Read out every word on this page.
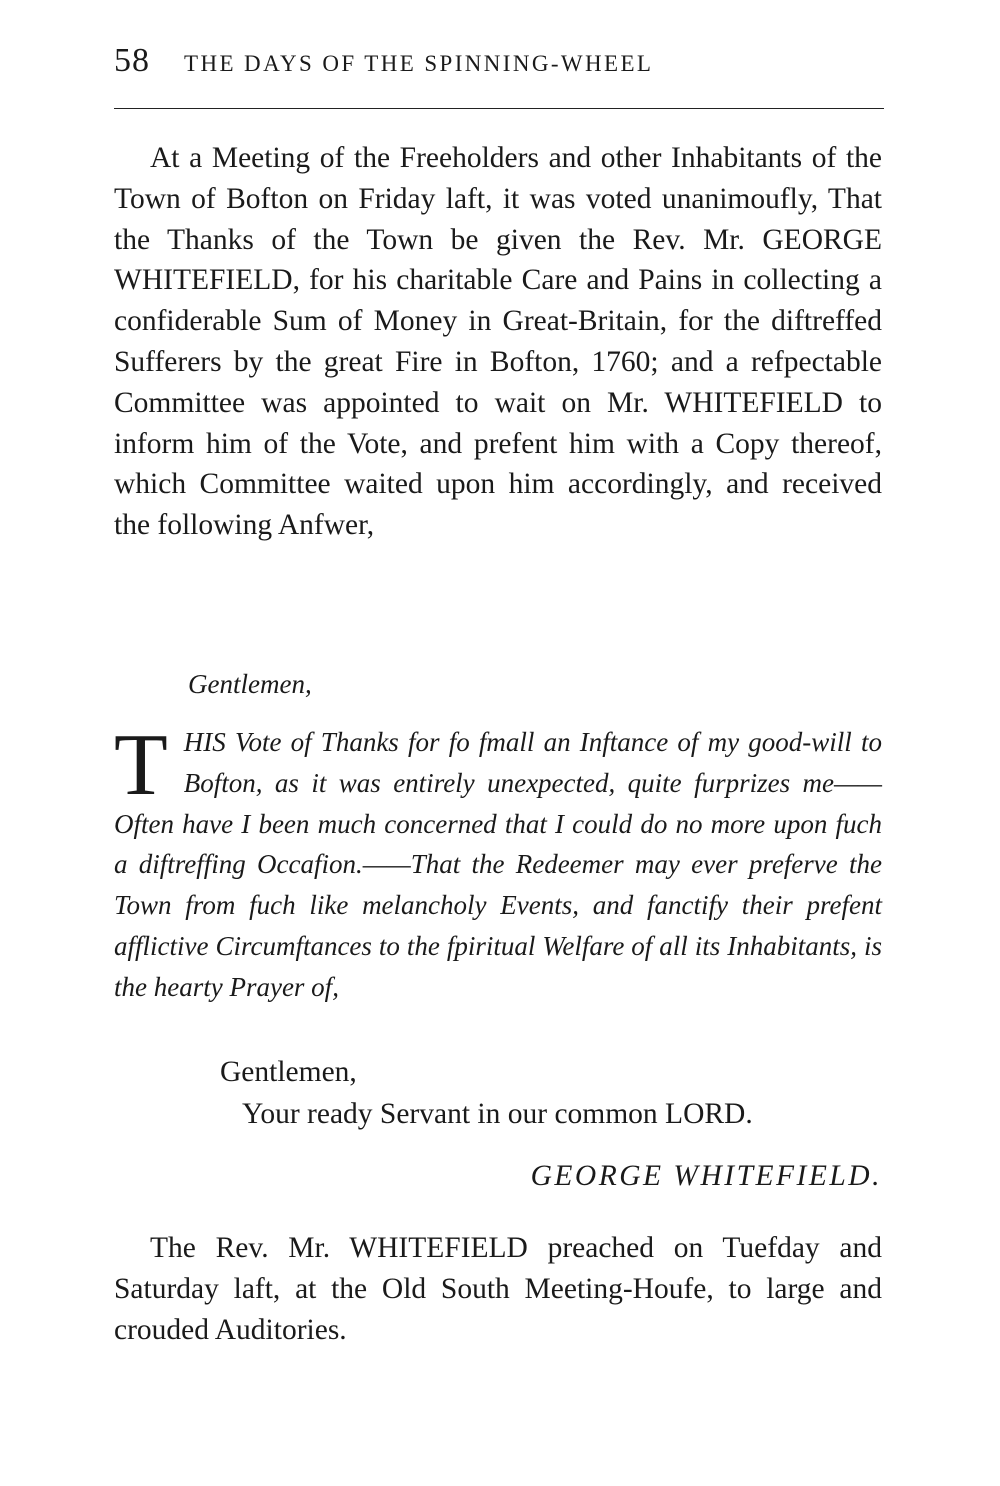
58 THE DAYS OF THE SPINNING-WHEEL

At a Meeting of the Freeholders and other Inhabitants of the Town of Bofton on Friday laft, it was voted unanimoufly, That the Thanks of the Town be given the Rev. Mr. GEORGE WHITEFIELD, for his charitable Care and Pains in collecting a confiderable Sum of Money in Great-Britain, for the diftreffed Sufferers by the great Fire in Bofton, 1760; and a refpectable Committee was appointed to wait on Mr. WHITEFIELD to inform him of the Vote, and prefent him with a Copy thereof, which Committee waited upon him accordingly, and received the following Anfwer,

Gentlemen,
THIS Vote of Thanks for fo fmall an Inftance of my good-will to Bofton, as it was entirely unexpected, quite furprizes me——Often have I been much concerned that I could do no more upon fuch a diftreffing Occafion.——That the Redeemer may ever preferve the Town from fuch like melancholy Events, and fanctify their prefent afflictive Circumftances to the fpiritual Welfare of all its Inhabitants, is the hearty Prayer of,
Gentlemen,
Your ready Servant in our common LORD.
GEORGE WHITEFIELD.

The Rev. Mr. WHITEFIELD preached on Tuefday and Saturday laft, at the Old South Meeting-Houfe, to large and crouded Auditories.
